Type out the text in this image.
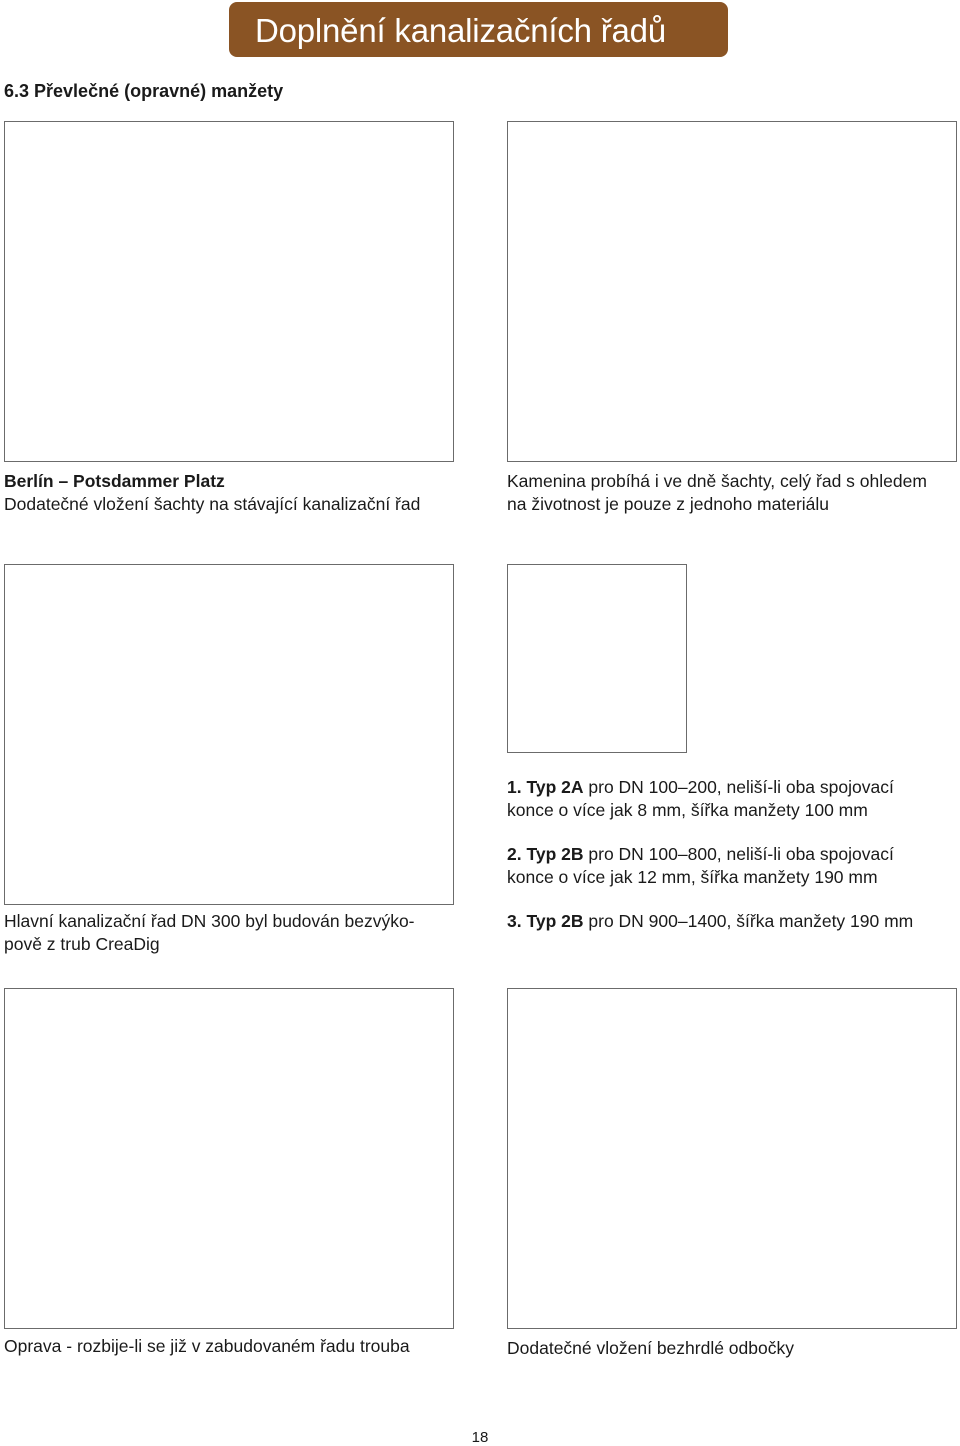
Doplnění kanalizačních řadů
6.3 Převlečné (opravné) manžety
Berlín – Potsdammer Platz
Dodatečné vložení šachty na stávající kanalizační řad
Kamenina probíhá i ve dně šachty, celý řad s ohledem
na životnost je pouze z jednoho materiálu
1. Typ 2A pro DN 100–200, neliší-li oba spojovací
konce o více jak 8 mm, šířka manžety 100 mm
2. Typ 2B pro DN 100–800, neliší-li oba spojovací
konce o více jak 12 mm, šířka manžety 190 mm
3. Typ 2B pro DN 900–1400, šířka manžety 190 mm
Hlavní kanalizační řad DN 300 byl budován bezvýko-
pově z trub CreaDig
Oprava - rozbije-li se již v zabudovaném řadu trouba	Dodatečné vložení bezhrdlé odbočky
18
